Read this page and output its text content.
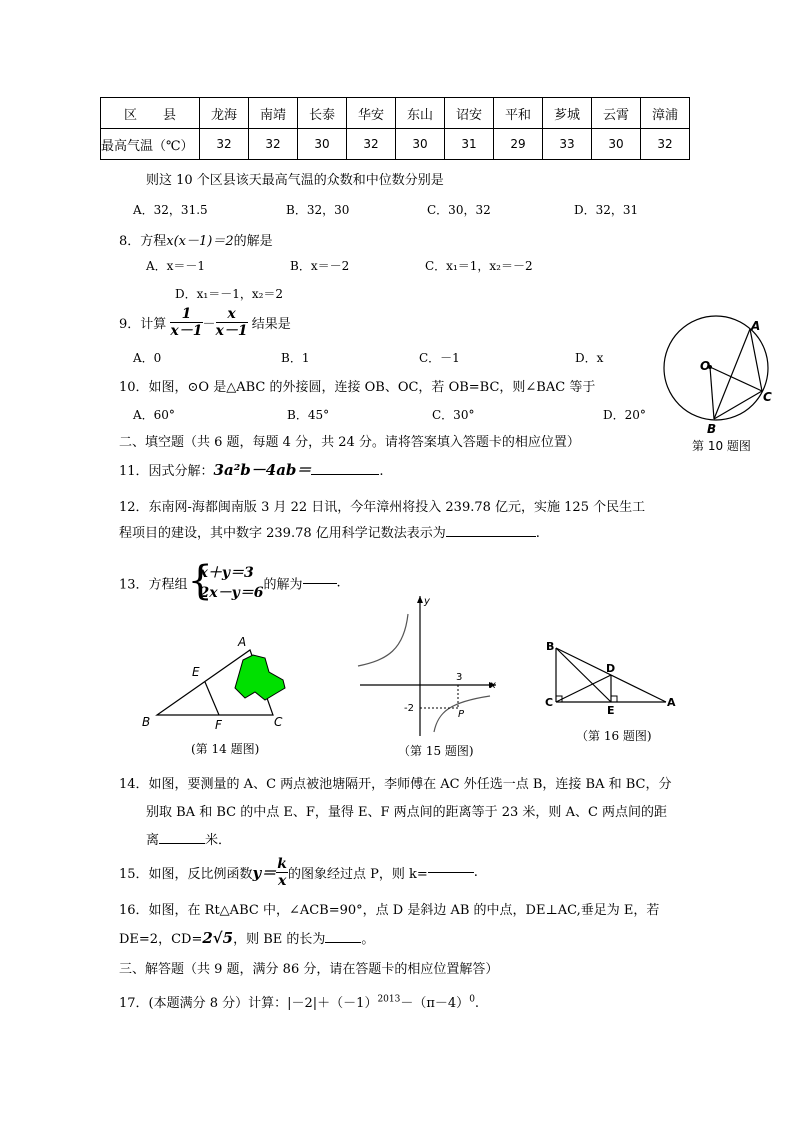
区　　县	龙海	南靖	长泰	华安	东山	诏安	平和	芗城	云霄	漳浦
最高气温（℃）	32	32	30	32	30	31	29	33	30	32
则这 10 个区县该天最高气温的众数和中位数分别是
A．32，31.5	B．32，30	C．30，32	D．32，31
8．方程x(x－1)＝2的解是
A．x＝－1	B．x＝－2	C．x₁＝1，x₂＝－2
D．x₁＝－1，x₂＝2
9．计算 $\frac{1}{x-1} - \frac{x}{x-1}$ 结果是
A．0	B．1	C．－1	D．x
10．如图，⊙O 是△ABC 的外接圆，连接 OB、OC，若 OB=BC，则∠BAC 等于
A．60°	B．45°	C．30°	D．20°
A
O
B
C
第 10 题图
二、填空题（共 6 题，每题 4 分，共 24 分。请将答案填入答题卡的相应位置）
11．因式分解：3a²b－4ab＝	.
12．东南网-海都闽南版 3 月 22 日讯，今年漳州将投入 239.78 亿元，实施 125 个民生工
程项目的建设，其中数字 239.78 亿用科学记数法表示为	.
13．方程组 {
x＋y＝3
2x－y＝6 的解为	.
A
E
B	F	C
(第 14 题图)
x
y
3
-2
P
（第 15 题图)
B
D
C
E
A
（第 16 题图)
14．如图，要测量的 A、C 两点被池塘隔开，李师傅在 AC 外任选一点 B，连接 BA 和 BC，分
别取 BA 和 BC 的中点 E、F，量得 E、F 两点间的距离等于 23 米，则 A、C 两点间的距
离	米．
15．如图，反比例函数$y= \frac{k}{x}$ 的图象经过点 P，则 k=	.
16．如图，在 Rt△ABC 中，∠ACB=90°，点 D 是斜边 AB 的中点，DE⊥AC,垂足为 E，若
DE=2，CD=2√5，则 BE 的长为	。
三、解答题（共 9 题，满分 86 分，请在答题卡的相应位置解答）
17．(本题满分 8 分）计算：$|-2|+(-1)^{2013}-(\pi-4)^0$.
